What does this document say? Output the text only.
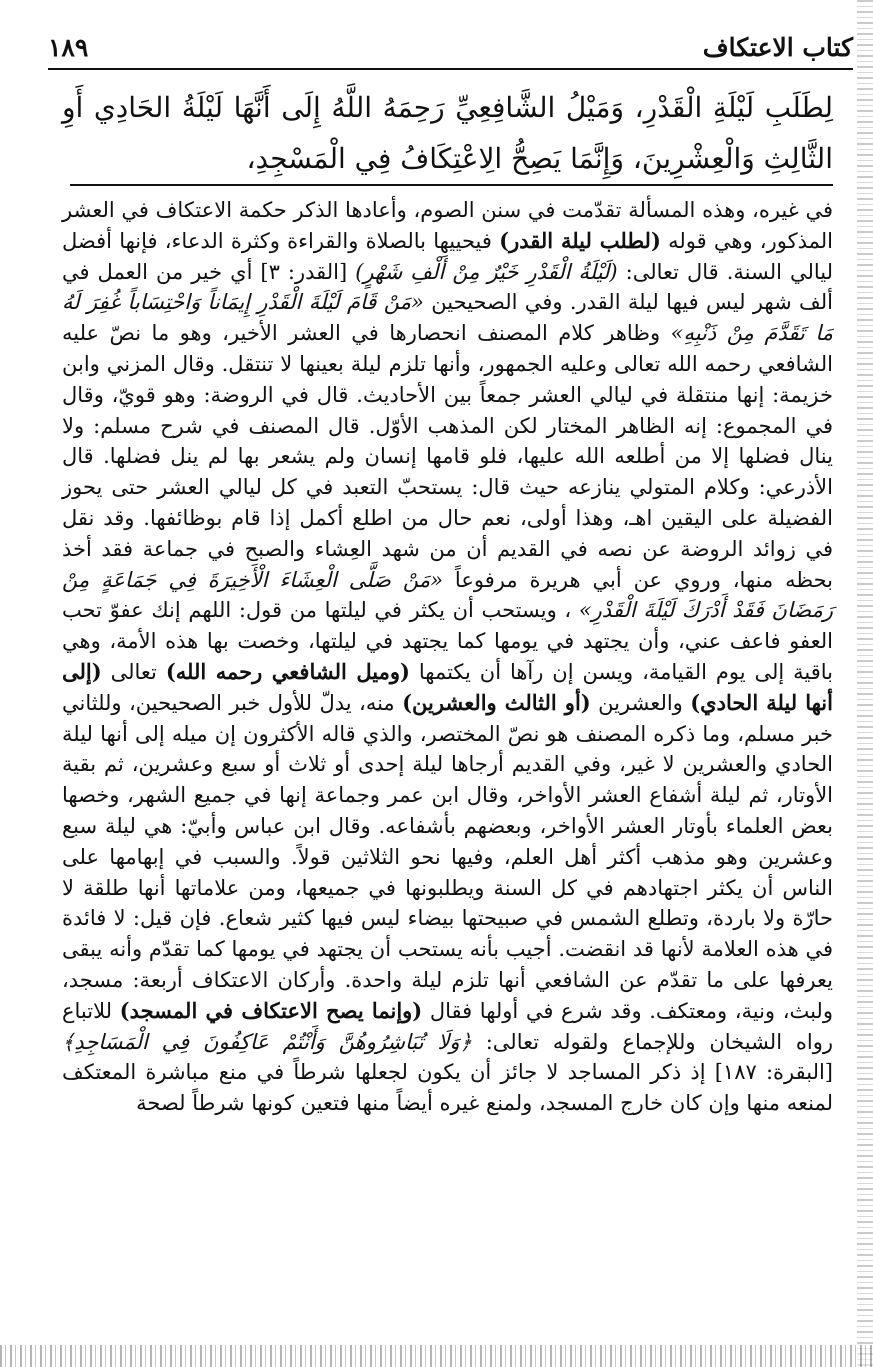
كتاب الاعتكاف
١٨٩

لِطَلَبِ لَيْلَةِ الْقَدْرِ، وَمَيْلُ الشَّافِعِيِّ رَحِمَهُ اللَّهُ إِلَى أَنَّهَا لَيْلَةُ الحَادِي أَوِ الثَّالِثِ وَالْعِشْرِينَ، وَإِنَّمَا يَصِحُّ الِاعْتِكَافُ فِي الْمَسْجِدِ،

في غيره، وهذه المسألة تقدّمت في سنن الصوم، وأعادها الذكر حكمة الاعتكاف في العشر المذكور، وهي قوله (لطلب ليلة القدر) فيحييها بالصلاة والقراءة وكثرة الدعاء، فإنها أفضل ليالي السنة. قال تعالى: (لَيْلَةُ الْقَدْرِ خَيْرٌ مِنْ أَلْفِ شَهْرٍ) [القدر: ٣] أي خير من العمل في ألف شهر ليس فيها ليلة القدر. وفي الصحيحين «مَنْ قَامَ لَيْلَةَ الْقَدْرِ إِيمَاناً وَاحْتِسَاباً غُفِرَ لَهُ مَا تَقَدَّمَ مِنْ ذَنْبِهِ» وظاهر كلام المصنف انحصارها في العشر الأخير، وهو ما نصّ عليه الشافعي رحمه الله تعالى وعليه الجمهور، وأنها تلزم ليلة بعينها لا تنتقل. وقال المزني وابن خزيمة: إنها منتقلة في ليالي العشر جمعاً بين الأحاديث. قال في الروضة: وهو قويّ، وقال في المجموع: إنه الظاهر المختار لكن المذهب الأوّل. قال المصنف في شرح مسلم: ولا ينال فضلها إلا من أطلعه الله عليها، فلو قامها إنسان ولم يشعر بها لم ينل فضلها. قال الأذرعي: وكلام المتولي ينازعه حيث قال: يستحبّ التعبد في كل ليالي العشر حتى يحوز الفضيلة على اليقين اهـ، وهذا أولى، نعم حال من اطلع أكمل إذا قام بوظائفها. وقد نقل في زوائد الروضة عن نصه في القديم أن من شهد العِشاء والصبح في جماعة فقد أخذ بحظه منها، وروي عن أبي هريرة مرفوعاً «مَنْ صَلَّى الْعِشَاءَ الْأَخِيرَةَ فِي جَمَاعَةٍ مِنْ رَمَضَانَ فَقَدْ أَدْرَكَ لَيْلَةَ الْقَدْرِ» ، ويستحب أن يكثر في ليلتها من قول: اللهم إنك عفوّ تحب العفو فاعف عني، وأن يجتهد في يومها كما يجتهد في ليلتها، وخصت بها هذه الأمة، وهي باقية إلى يوم القيامة، ويسن إن رآها أن يكتمها (وميل الشافعي رحمه الله) تعالى (إلى أنها ليلة الحادي) والعشرين (أو الثالث والعشرين) منه، يدلّ للأول خبر الصحيحين، وللثاني خبر مسلم، وما ذكره المصنف هو نصّ المختصر، والذي قاله الأكثرون إن ميله إلى أنها ليلة الحادي والعشرين لا غير، وفي القديم أرجاها ليلة إحدى أو ثلاث أو سبع وعشرين، ثم بقية الأوتار، ثم ليلة أشفاع العشر الأواخر، وقال ابن عمر وجماعة إنها في جميع الشهر، وخصها بعض العلماء بأوتار العشر الأواخر، وبعضهم بأشفاعه. وقال ابن عباس وأبيّ: هي ليلة سبع وعشرين وهو مذهب أكثر أهل العلم، وفيها نحو الثلاثين قولاً. والسبب في إبهامها على الناس أن يكثر اجتهادهم في كل السنة ويطلبونها في جميعها، ومن علاماتها أنها طلقة لا حارّة ولا باردة، وتطلع الشمس في صبيحتها بيضاء ليس فيها كثير شعاع. فإن قيل: لا فائدة في هذه العلامة لأنها قد انقضت. أجيب بأنه يستحب أن يجتهد في يومها كما تقدّم وأنه يبقى يعرفها على ما تقدّم عن الشافعي أنها تلزم ليلة واحدة. وأركان الاعتكاف أربعة: مسجد، ولبث، ونية، ومعتكف. وقد شرع في أولها فقال (وإنما يصح الاعتكاف في المسجد) للاتباع رواه الشيخان وللإجماع ولقوله تعالى: ﴿وَلَا تُبَاشِرُوهُنَّ وَأَنْتُمْ عَاكِفُونَ فِي الْمَسَاجِدِ﴾ [البقرة: ١٨٧] إذ ذكر المساجد لا جائز أن يكون لجعلها شرطاً في منع مباشرة المعتكف لمنعه منها وإن كان خارج المسجد، ولمنع غيره أيضاً منها فتعين كونها شرطاً لصحة
